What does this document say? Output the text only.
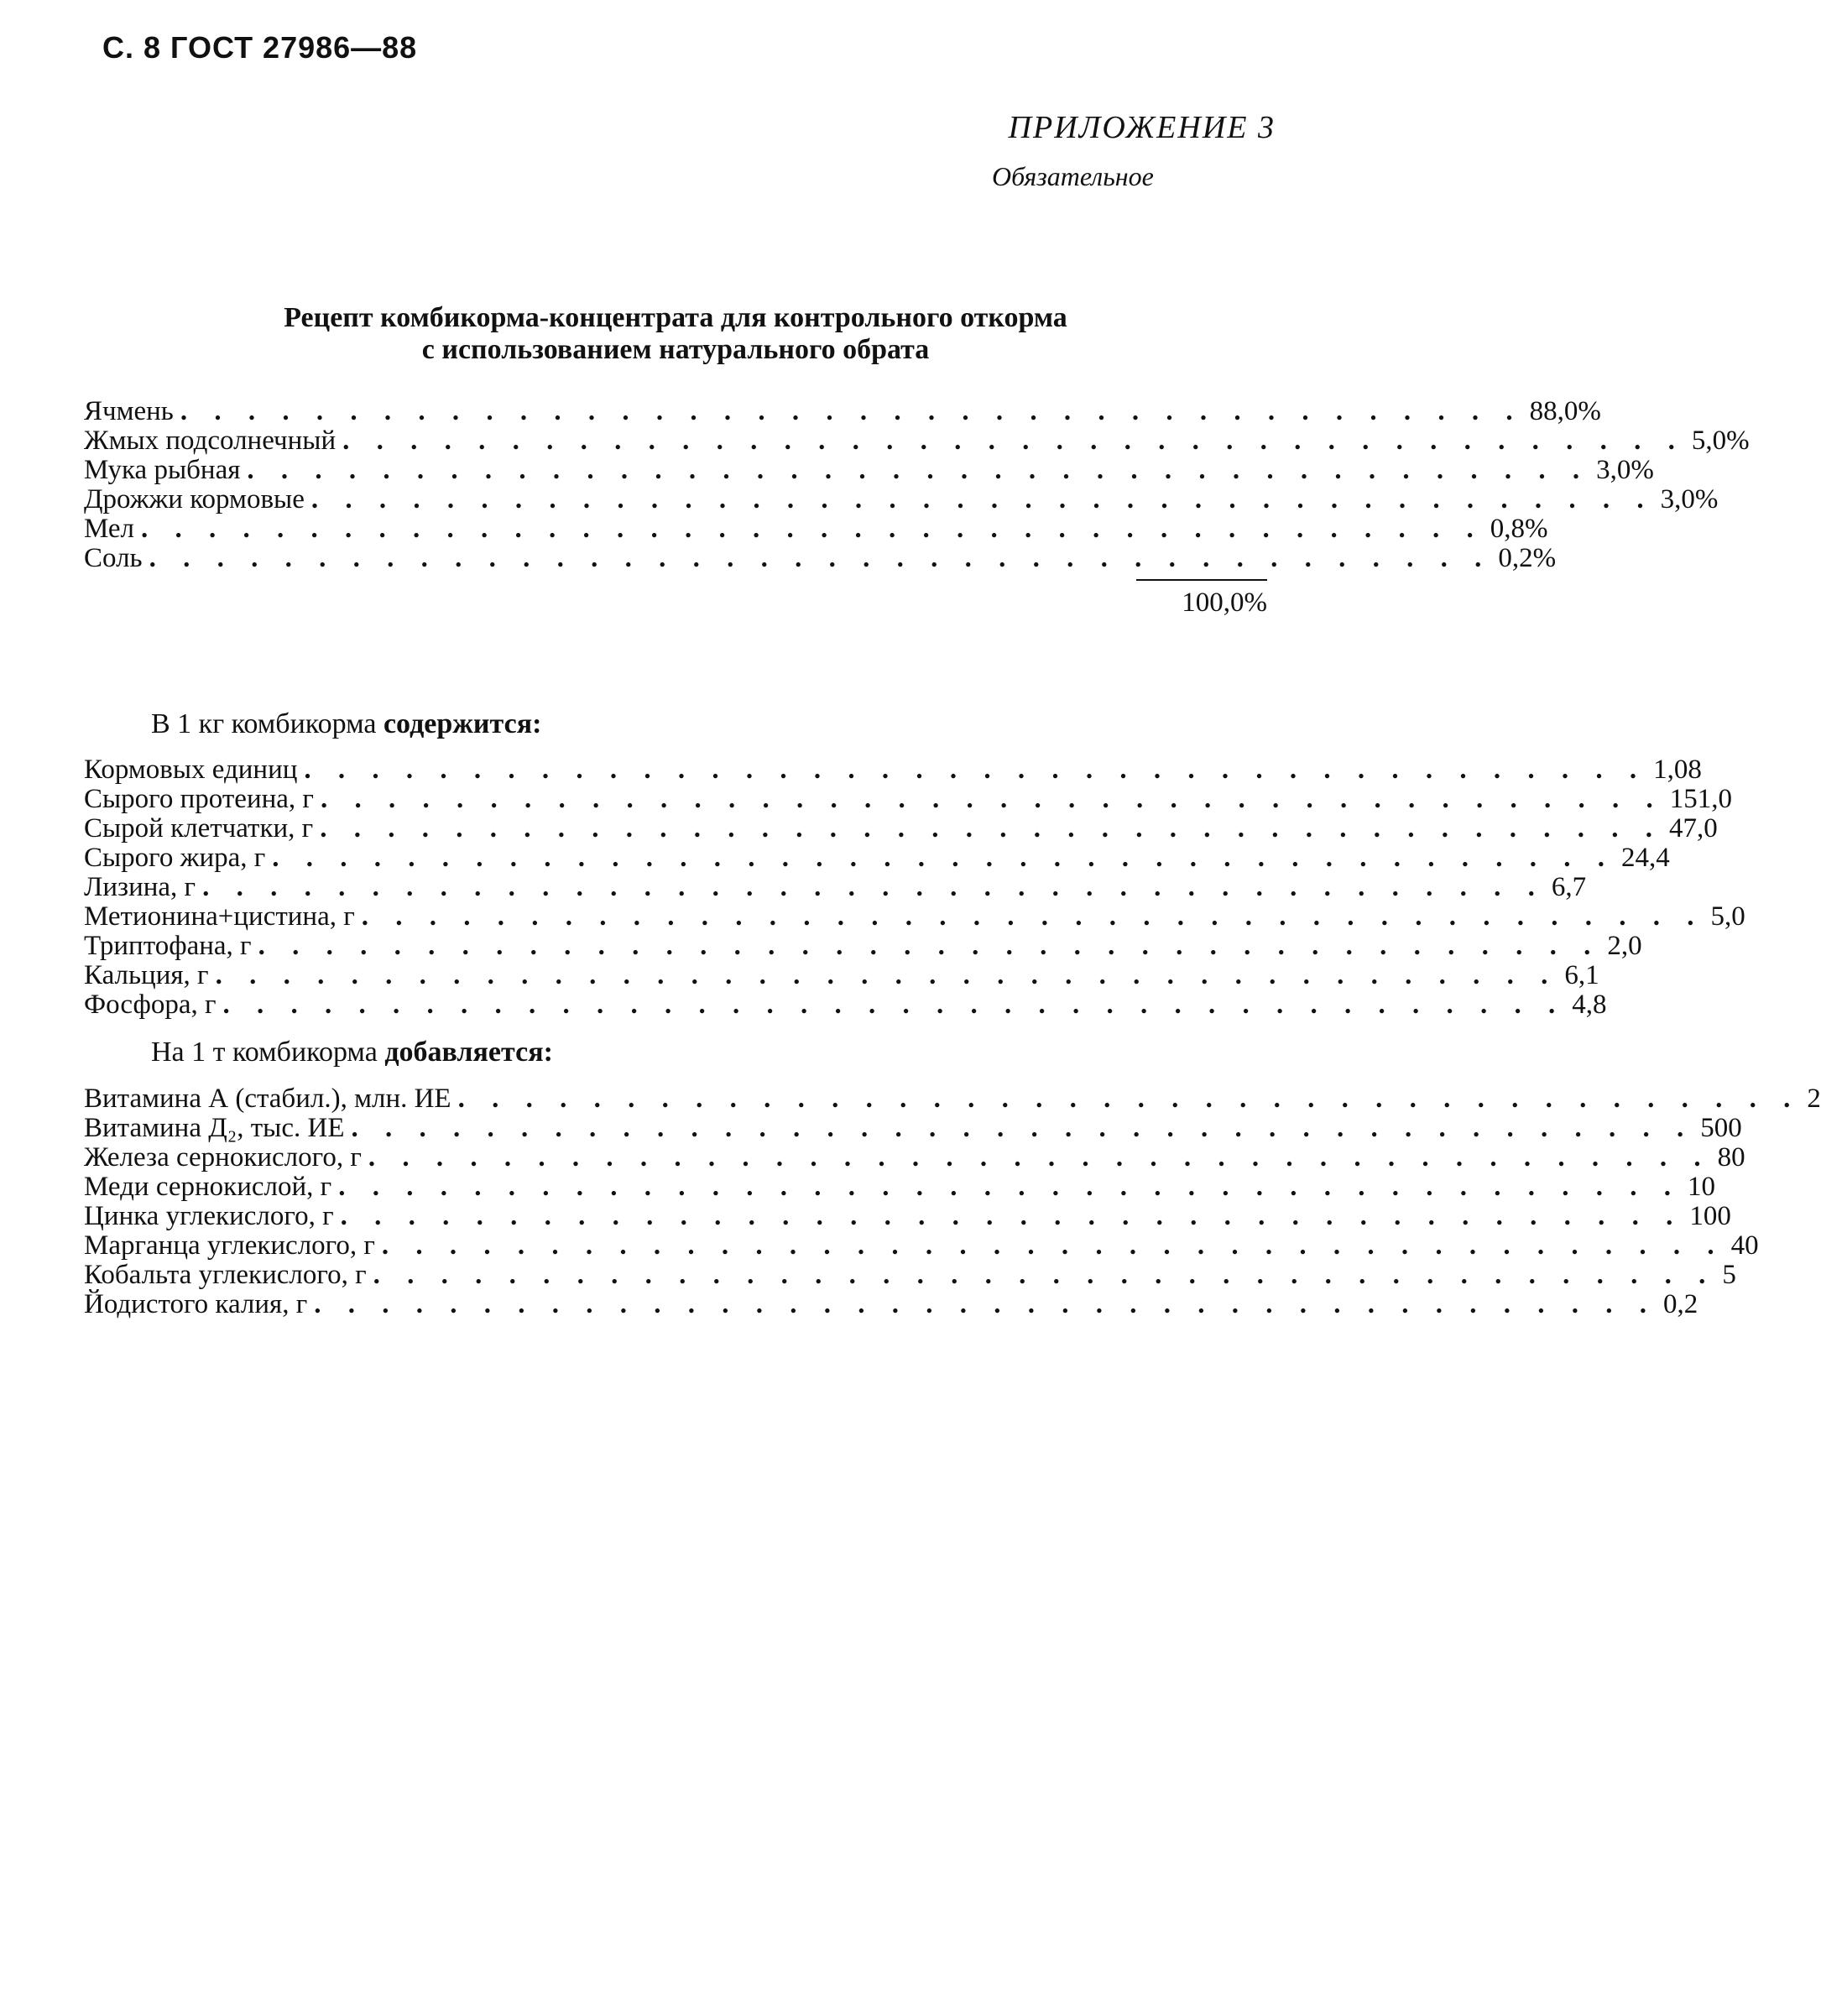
С. 8 ГОСТ 27986—88
ПРИЛОЖЕНИЕ 3
Обязательное
Рецепт комбикорма-концентрата для контрольного откорма
с использованием натурального обрата
Ячмень . . . . . . . . . . . . . . . . . . . . . . . . . . . . . . . . . . . . . . . . 88,0%
Жмых подсолнечный . . . . . . . . . . . . . . . . . . . . . . . . . . . . . . . . . . . . . . . . 5,0%
Мука рыбная . . . . . . . . . . . . . . . . . . . . . . . . . . . . . . . . . . . . . . . . 3,0%
Дрожжи кормовые . . . . . . . . . . . . . . . . . . . . . . . . . . . . . . . . . . . . . . . . 3,0%
Мел . . . . . . . . . . . . . . . . . . . . . . . . . . . . . . . . . . . . . . . . 0,8%
Соль . . . . . . . . . . . . . . . . . . . . . . . . . . . . . . . . . . . . . . . . 0,2%
100,0%
В 1 кг комбикорма содержится:
Кормовых единиц . . . . . . . . . . . . . . . . . . . . . . . . . . . . . . . . . . . . . . . . 1,08
Сырого протеина, г . . . . . . . . . . . . . . . . . . . . . . . . . . . . . . . . . . . . . . . . 151,0
Сырой клетчатки, г . . . . . . . . . . . . . . . . . . . . . . . . . . . . . . . . . . . . . . . . 47,0
Сырого жира, г . . . . . . . . . . . . . . . . . . . . . . . . . . . . . . . . . . . . . . . . 24,4
Лизина, г . . . . . . . . . . . . . . . . . . . . . . . . . . . . . . . . . . . . . . . . 6,7
Метионина+цистина, г . . . . . . . . . . . . . . . . . . . . . . . . . . . . . . . . . . . . . . . . 5,0
Триптофана, г . . . . . . . . . . . . . . . . . . . . . . . . . . . . . . . . . . . . . . . . 2,0
Кальция, г . . . . . . . . . . . . . . . . . . . . . . . . . . . . . . . . . . . . . . . . 6,1
Фосфора, г . . . . . . . . . . . . . . . . . . . . . . . . . . . . . . . . . . . . . . . . 4,8
На 1 т комбикорма добавляется:
Витамина А (стабил.), млн. ИЕ . . . . . . . . . . . . . . . . . . . . . . . . . . . . . . . . . . . . . . . . 2
Витамина Д₂, тыс. ИЕ . . . . . . . . . . . . . . . . . . . . . . . . . . . . . . . . . . . . . . . . 500
Железа сернокислого, г . . . . . . . . . . . . . . . . . . . . . . . . . . . . . . . . . . . . . . . . 80
Меди сернокислой, г . . . . . . . . . . . . . . . . . . . . . . . . . . . . . . . . . . . . . . . . 10
Цинка углекислого, г . . . . . . . . . . . . . . . . . . . . . . . . . . . . . . . . . . . . . . . . 100
Марганца углекислого, г . . . . . . . . . . . . . . . . . . . . . . . . . . . . . . . . . . . . . . . . 40
Кобальта углекислого, г . . . . . . . . . . . . . . . . . . . . . . . . . . . . . . . . . . . . . . . . 5
Йодистого калия, г . . . . . . . . . . . . . . . . . . . . . . . . . . . . . . . . . . . . . . . . 0,2
